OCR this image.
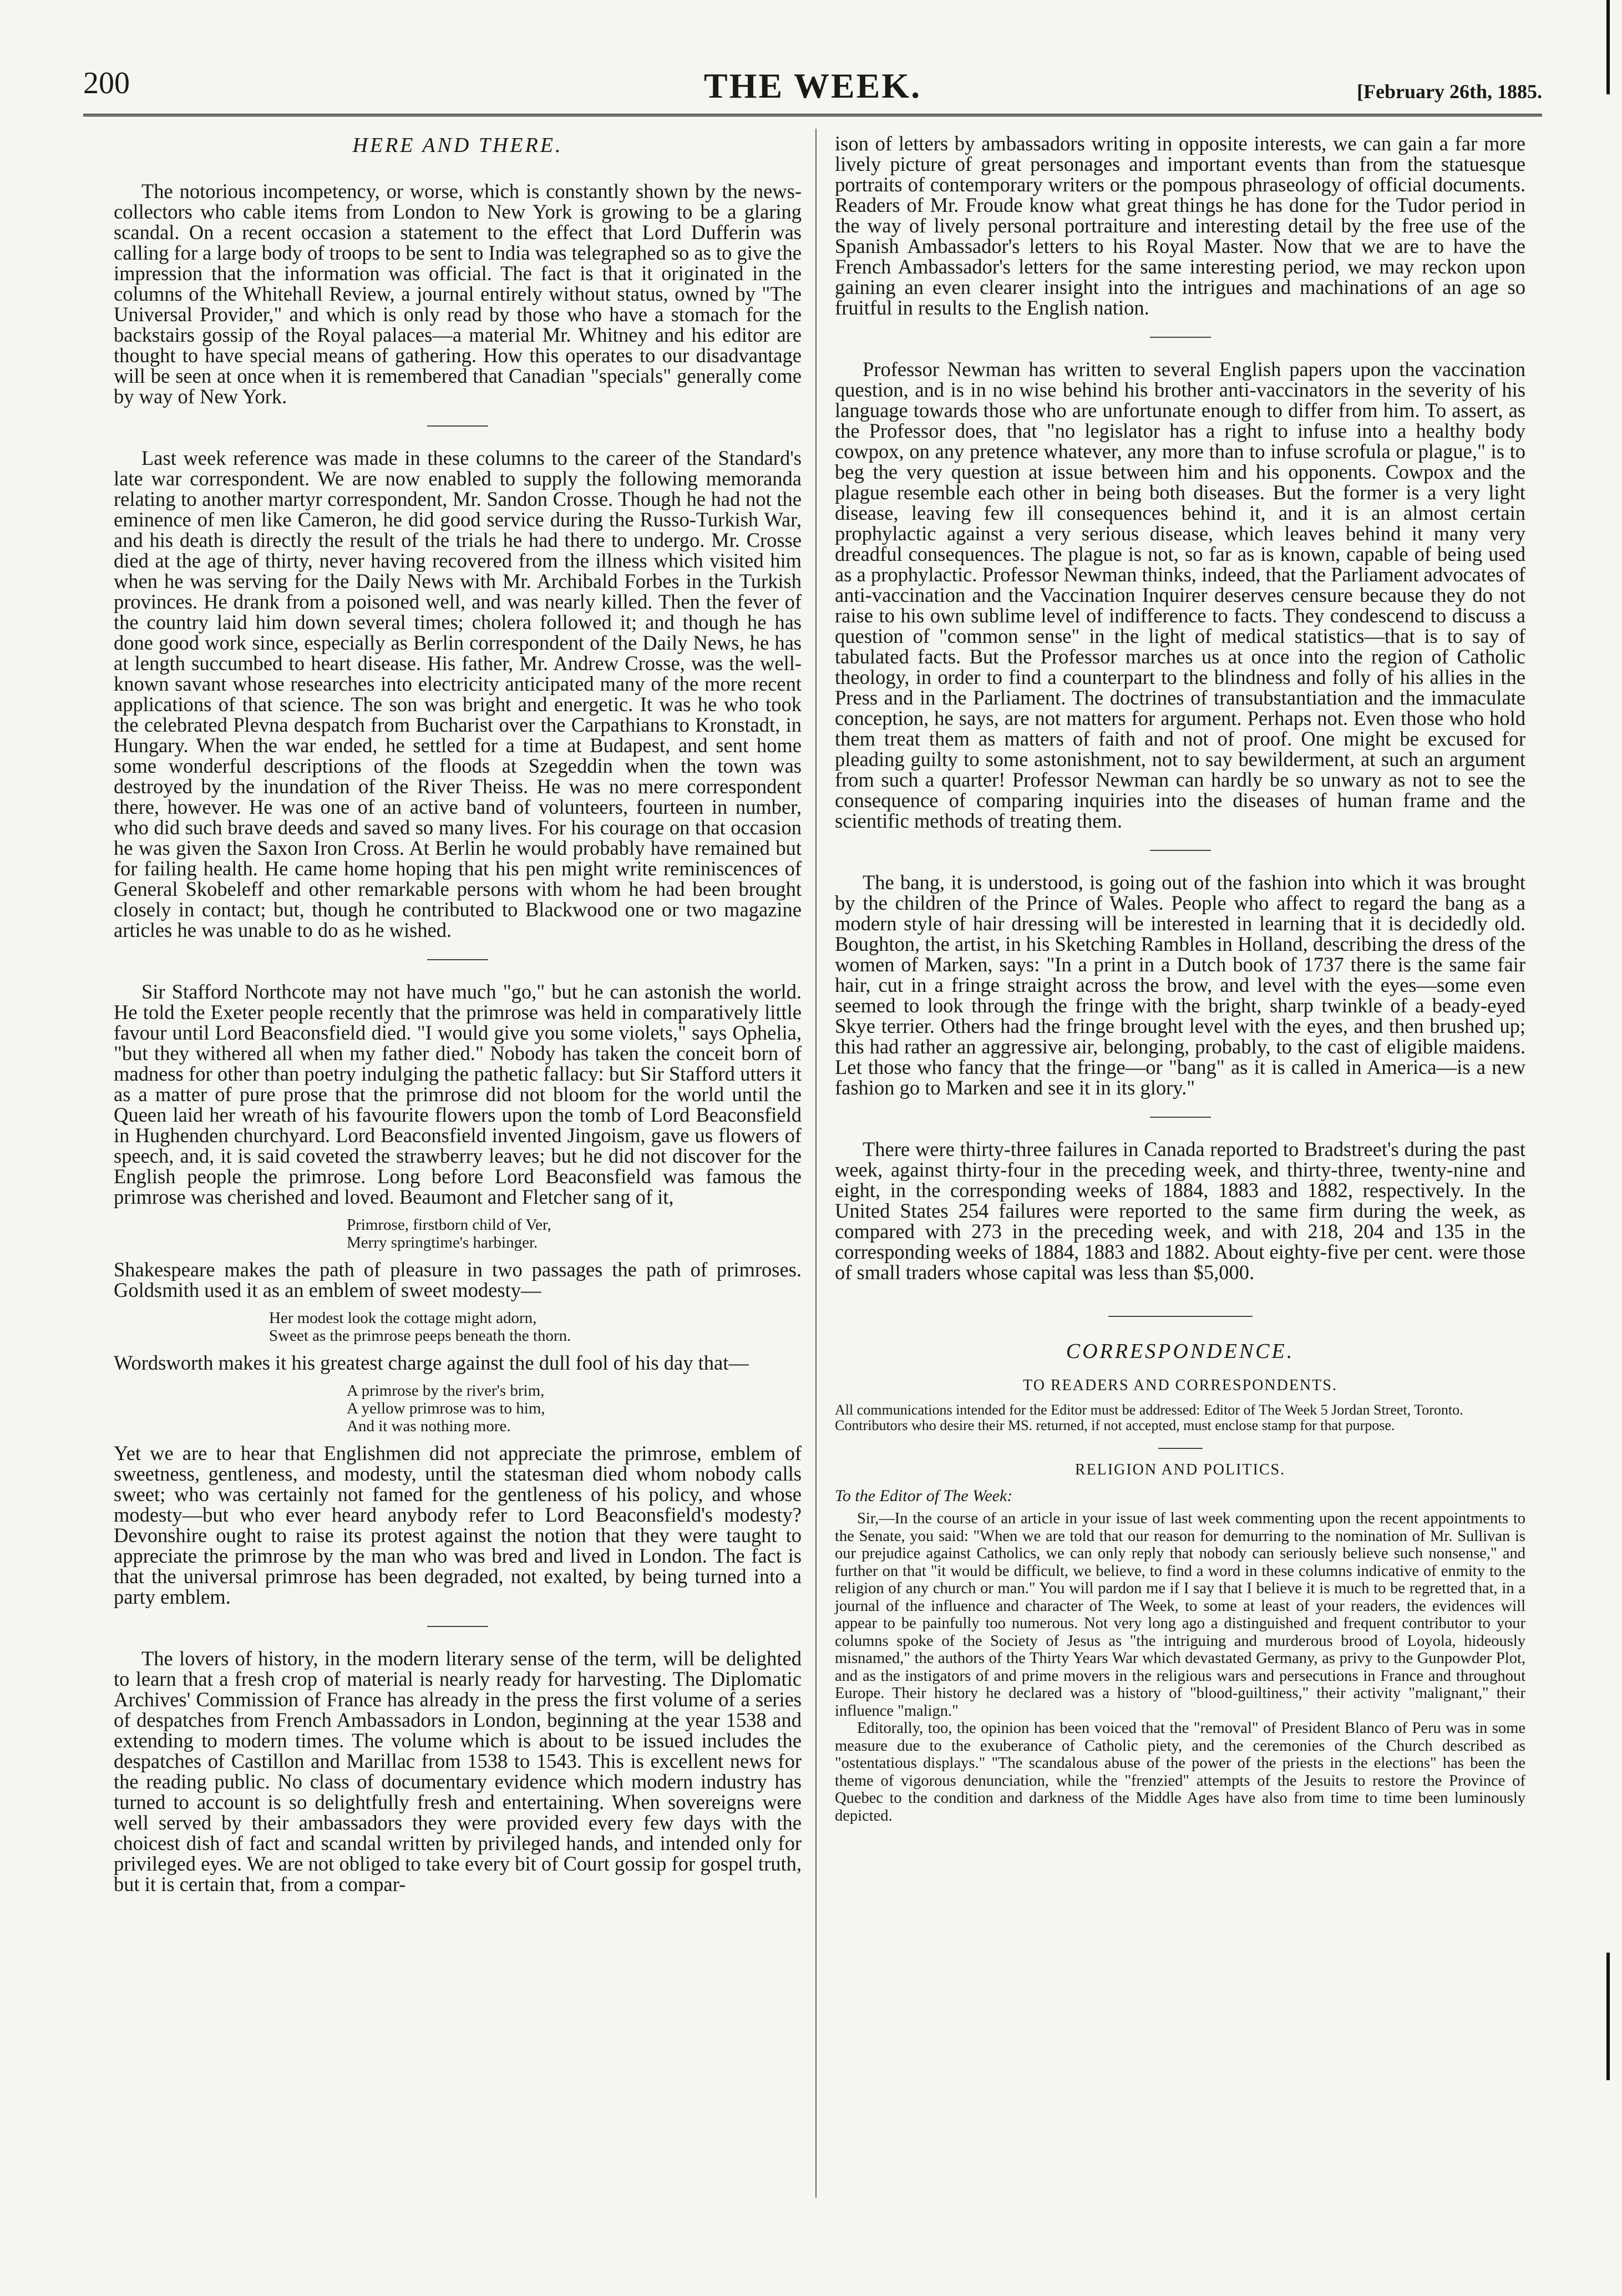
200	THE WEEK.	[February 26th, 1885.
HERE AND THERE.

The notorious incompetency, or worse, which is constantly shown by the news-collectors who cable items from London to New York is growing to be a glaring scandal. On a recent occasion a statement to the effect that Lord Dufferin was calling for a large body of troops to be sent to India was telegraphed so as to give the impression that the information was official. The fact is that it originated in the columns of the Whitehall Review, a journal entirely without status, owned by "The Universal Provider," and which is only read by those who have a stomach for the backstairs gossip of the Royal palaces—a material Mr. Whitney and his editor are thought to have special means of gathering. How this operates to our disadvantage will be seen at once when it is remembered that Canadian "specials" generally come by way of New York.

Last week reference was made in these columns to the career of the Standard's late war correspondent. We are now enabled to supply the following memoranda relating to another martyr correspondent, Mr. Sandon Crosse. Though he had not the eminence of men like Cameron, he did good service during the Russo-Turkish War, and his death is directly the result of the trials he had there to undergo. Mr. Crosse died at the age of thirty, never having recovered from the illness which visited him when he was serving for the Daily News with Mr. Archibald Forbes in the Turkish provinces. He drank from a poisoned well, and was nearly killed. Then the fever of the country laid him down several times; cholera followed it; and though he has done good work since, especially as Berlin correspondent of the Daily News, he has at length succumbed to heart disease. His father, Mr. Andrew Crosse, was the well-known savant whose researches into electricity anticipated many of the more recent applications of that science. The son was bright and energetic. It was he who took the celebrated Plevna despatch from Bucharist over the Carpathians to Kronstadt, in Hungary. When the war ended, he settled for a time at Budapest, and sent home some wonderful descriptions of the floods at Szegeddin when the town was destroyed by the inundation of the River Theiss. He was no mere correspondent there, however. He was one of an active band of volunteers, fourteen in number, who did such brave deeds and saved so many lives. For his courage on that occasion he was given the Saxon Iron Cross. At Berlin he would probably have remained but for failing health. He came home hoping that his pen might write reminiscences of General Skobeleff and other remarkable persons with whom he had been brought closely in contact; but, though he contributed to Blackwood one or two magazine articles he was unable to do as he wished.

Sir Stafford Northcote may not have much "go," but he can astonish the world. He told the Exeter people recently that the primrose was held in comparatively little favour until Lord Beaconsfield died. "I would give you some violets," says Ophelia, "but they withered all when my father died." Nobody has taken the conceit born of madness for other than poetry indulging the pathetic fallacy: but Sir Stafford utters it as a matter of pure prose that the primrose did not bloom for the world until the Queen laid her wreath of his favourite flowers upon the tomb of Lord Beaconsfield in Hughenden churchyard. Lord Beaconsfield invented Jingoism, gave us flowers of speech, and, it is said coveted the strawberry leaves; but he did not discover for the English people the primrose. Long before Lord Beaconsfield was famous the primrose was cherished and loved. Beaumont and Fletcher sang of it,

Primrose, firstborn child of Ver,
Merry springtime's harbinger.

Shakespeare makes the path of pleasure in two passages the path of primroses. Goldsmith used it as an emblem of sweet modesty—

Her modest look the cottage might adorn,
Sweet as the primrose peeps beneath the thorn.

Wordsworth makes it his greatest charge against the dull fool of his day that—

A primrose by the river's brim,
A yellow primrose was to him,
And it was nothing more.

Yet we are to hear that Englishmen did not appreciate the primrose, emblem of sweetness, gentleness, and modesty, until the statesman died whom nobody calls sweet; who was certainly not famed for the gentleness of his policy, and whose modesty—but who ever heard anybody refer to Lord Beaconsfield's modesty? Devonshire ought to raise its protest against the notion that they were taught to appreciate the primrose by the man who was bred and lived in London. The fact is that the universal primrose has been degraded, not exalted, by being turned into a party emblem.

The lovers of history, in the modern literary sense of the term, will be delighted to learn that a fresh crop of material is nearly ready for harvesting. The Diplomatic Archives' Commission of France has already in the press the first volume of a series of despatches from French Ambassadors in London, beginning at the year 1538 and extending to modern times. The volume which is about to be issued includes the despatches of Castillon and Marillac from 1538 to 1543. This is excellent news for the reading public. No class of documentary evidence which modern industry has turned to account is so delightfully fresh and entertaining. When sovereigns were well served by their ambassadors they were provided every few days with the choicest dish of fact and scandal written by privileged hands, and intended only for privileged eyes. We are not obliged to take every bit of Court gossip for gospel truth, but it is certain that, from a compar-

ison of letters by ambassadors writing in opposite interests, we can gain a far more lively picture of great personages and important events than from the statuesque portraits of contemporary writers or the pompous phraseology of official documents. Readers of Mr. Froude know what great things he has done for the Tudor period in the way of lively personal portraiture and interesting detail by the free use of the Spanish Ambassador's letters to his Royal Master. Now that we are to have the French Ambassador's letters for the same interesting period, we may reckon upon gaining an even clearer insight into the intrigues and machinations of an age so fruitful in results to the English nation.

Professor Newman has written to several English papers upon the vaccination question, and is in no wise behind his brother anti-vaccinators in the severity of his language towards those who are unfortunate enough to differ from him. To assert, as the Professor does, that "no legislator has a right to infuse into a healthy body cowpox, on any pretence whatever, any more than to infuse scrofula or plague," is to beg the very question at issue between him and his opponents. Cowpox and the plague resemble each other in being both diseases. But the former is a very light disease, leaving few ill consequences behind it, and it is an almost certain prophylactic against a very serious disease, which leaves behind it many very dreadful consequences. The plague is not, so far as is known, capable of being used as a prophylactic. Professor Newman thinks, indeed, that the Parliament advocates of anti-vaccination and the Vaccination Inquirer deserves censure because they do not raise to his own sublime level of indifference to facts. They condescend to discuss a question of "common sense" in the light of medical statistics—that is to say of tabulated facts. But the Professor marches us at once into the region of Catholic theology, in order to find a counterpart to the blindness and folly of his allies in the Press and in the Parliament. The doctrines of transubstantiation and the immaculate conception, he says, are not matters for argument. Perhaps not. Even those who hold them treat them as matters of faith and not of proof. One might be excused for pleading guilty to some astonishment, not to say bewilderment, at such an argument from such a quarter! Professor Newman can hardly be so unwary as not to see the consequence of comparing inquiries into the diseases of human frame and the scientific methods of treating them.

The bang, it is understood, is going out of the fashion into which it was brought by the children of the Prince of Wales. People who affect to regard the bang as a modern style of hair dressing will be interested in learning that it is decidedly old. Boughton, the artist, in his Sketching Rambles in Holland, describing the dress of the women of Marken, says: "In a print in a Dutch book of 1737 there is the same fair hair, cut in a fringe straight across the brow, and level with the eyes—some even seemed to look through the fringe with the bright, sharp twinkle of a beady-eyed Skye terrier. Others had the fringe brought level with the eyes, and then brushed up; this had rather an aggressive air, belonging, probably, to the cast of eligible maidens. Let those who fancy that the fringe—or "bang" as it is called in America—is a new fashion go to Marken and see it in its glory."

There were thirty-three failures in Canada reported to Bradstreet's during the past week, against thirty-four in the preceding week, and thirty-three, twenty-nine and eight, in the corresponding weeks of 1884, 1883 and 1882, respectively. In the United States 254 failures were reported to the same firm during the week, as compared with 273 in the preceding week, and with 218, 204 and 135 in the corresponding weeks of 1884, 1883 and 1882. About eighty-five per cent. were those of small traders whose capital was less than $5,000.

CORRESPONDENCE.
TO READERS AND CORRESPONDENTS.

All communications intended for the Editor must be addressed: Editor of The Week 5 Jordan Street, Toronto.

Contributors who desire their MS. returned, if not accepted, must enclose stamp for that purpose.

RELIGION AND POLITICS.
To the Editor of The Week:

Sir,—In the course of an article in your issue of last week commenting upon the recent appointments to the Senate, you said: "When we are told that our reason for demurring to the nomination of Mr. Sullivan is our prejudice against Catholics, we can only reply that nobody can seriously believe such nonsense," and further on that "it would be difficult, we believe, to find a word in these columns indicative of enmity to the religion of any church or man." You will pardon me if I say that I believe it is much to be regretted that, in a journal of the influence and character of The Week, to some at least of your readers, the evidences will appear to be painfully too numerous. Not very long ago a distinguished and frequent contributor to your columns spoke of the Society of Jesus as "the intriguing and murderous brood of Loyola, hideously misnamed," the authors of the Thirty Years War which devastated Germany, as privy to the Gunpowder Plot, and as the instigators of and prime movers in the religious wars and persecutions in France and throughout Europe. Their history he declared was a history of "blood-guiltiness," their activity "malignant," their influence "malign."

Editorally, too, the opinion has been voiced that the "removal" of President Blanco of Peru was in some measure due to the exuberance of Catholic piety, and the ceremonies of the Church described as "ostentatious displays." "The scandalous abuse of the power of the priests in the elections" has been the theme of vigorous denunciation, while the "frenzied" attempts of the Jesuits to restore the Province of Quebec to the condition and darkness of the Middle Ages have also from time to time been luminously depicted.
